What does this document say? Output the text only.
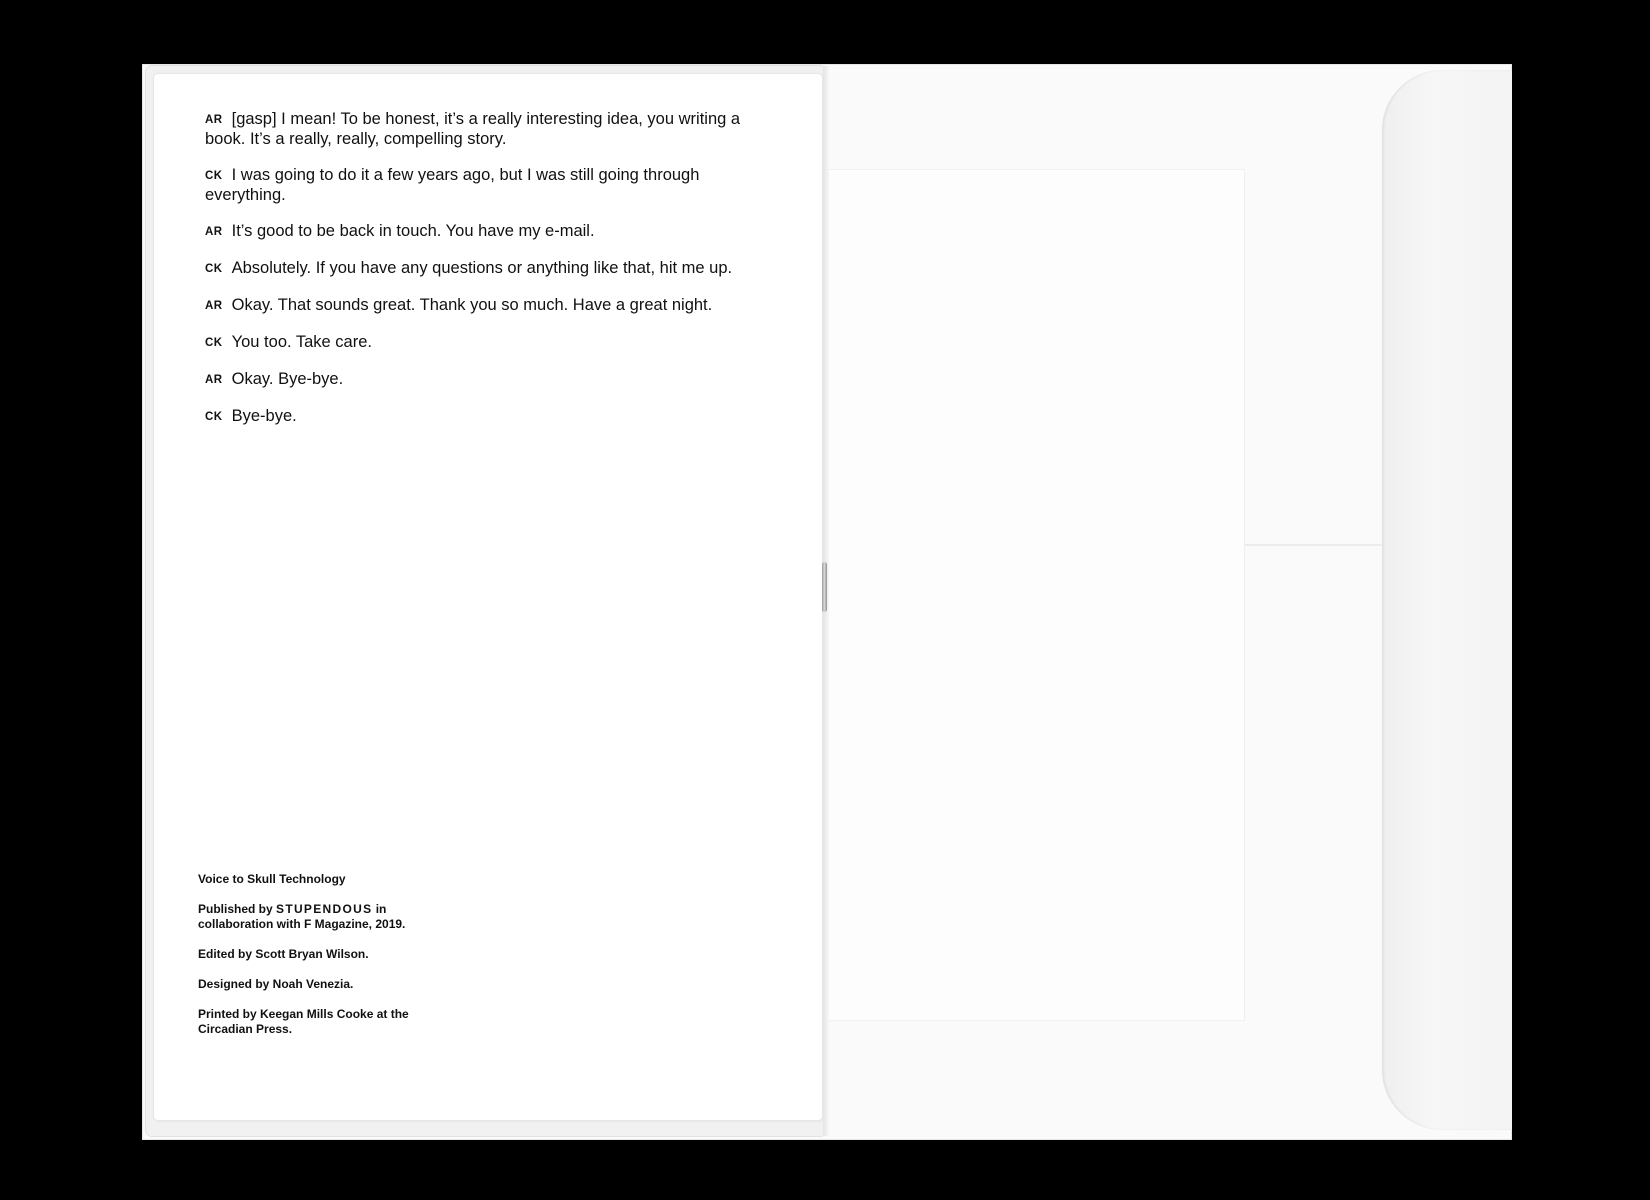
AR [gasp] I mean! To be honest, it’s a really interesting idea, you writing a book. It’s a really, really, compelling story.
CK I was going to do it a few years ago, but I was still going through everything.
AR It’s good to be back in touch. You have my e-mail.
CK Absolutely. If you have any questions or anything like that, hit me up.
AR Okay. That sounds great. Thank you so much. Have a great night.
CK You too. Take care.
AR Okay. Bye-bye.
CK Bye-bye.

Voice to Skull Technology

Published by STUPENDOUS in collaboration with F Magazine, 2019.

Edited by Scott Bryan Wilson.

Designed by Noah Venezia.

Printed by Keegan Mills Cooke at the Circadian Press.
